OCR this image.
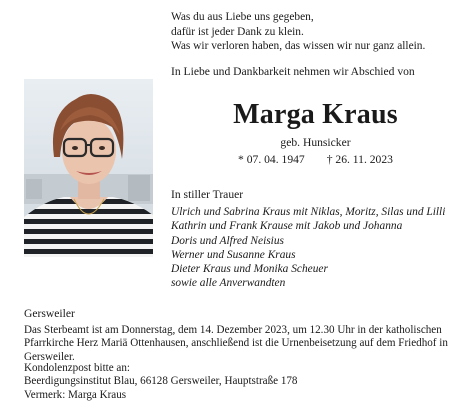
Was du aus Liebe uns gegeben,
dafür ist jeder Dank zu klein.
Was wir verloren haben, das wissen wir nur ganz allein.
In Liebe und Dankbarkeit nehmen wir Abschied von
Marga Kraus
geb. Hunsicker
* 07. 04. 1947 † 26. 11. 2023
In stiller Trauer
Ulrich und Sabrina Kraus mit Niklas, Moritz, Silas und Lilli
Kathrin und Frank Krause mit Jakob und Johanna
Doris und Alfred Neisius
Werner und Susanne Kraus
Dieter Kraus und Monika Scheuer
sowie alle Anverwandten
Gersweiler
Das Sterbeamt ist am Donnerstag, dem 14. Dezember 2023, um 12.30 Uhr in der katholischen Pfarrkirche Herz Mariä Ottenhausen, anschließend ist die Urnenbeisetzung auf dem Friedhof in Gersweiler.
Kondolenzpost bitte an:
Beerdigungsinstitut Blau, 66128 Gersweiler, Hauptstraße 178
Vermerk: Marga Kraus
